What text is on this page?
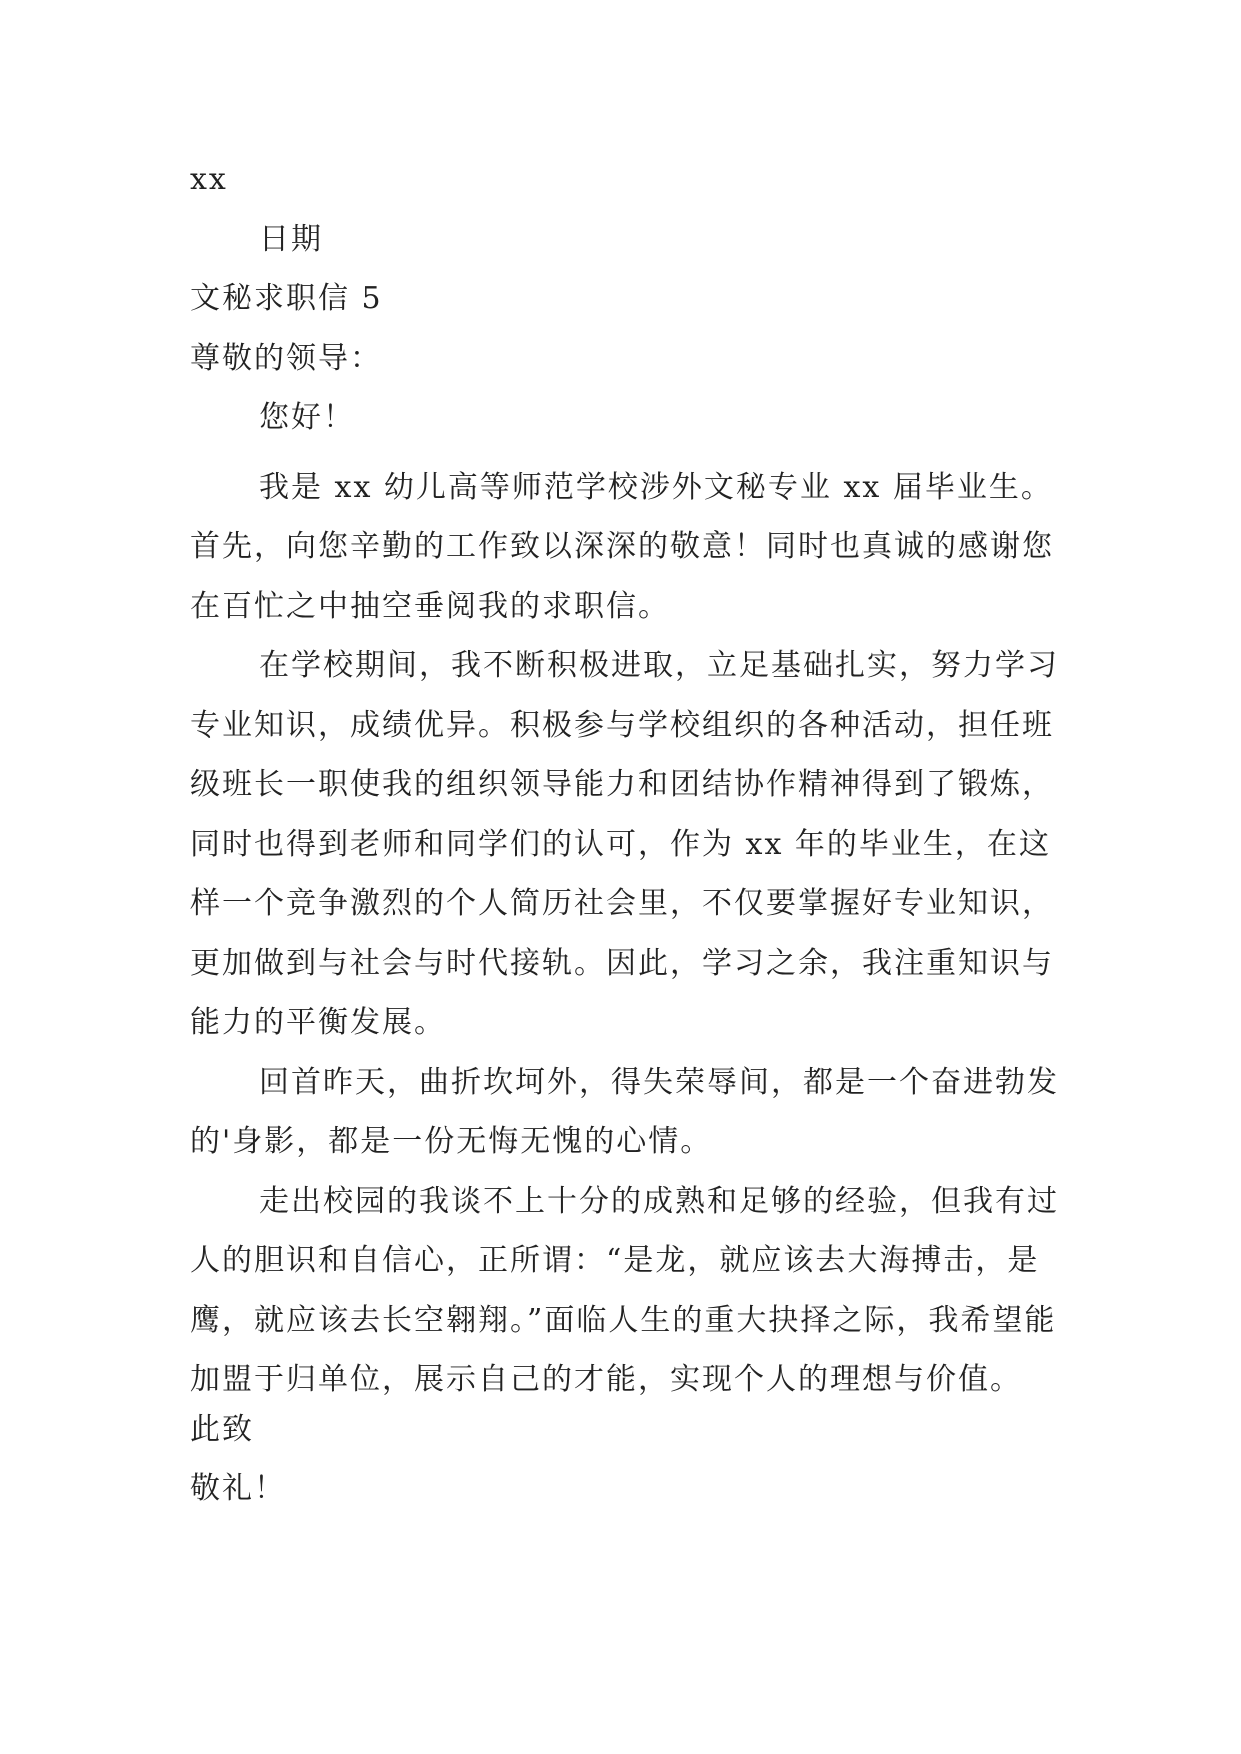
xx
日期
文秘求职信 5
尊敬的领导：
您好！

我是 xx 幼儿高等师范学校涉外文秘专业 xx 届毕业生。首先，向您辛勤的工作致以深深的敬意！同时也真诚的感谢您在百忙之中抽空垂阅我的求职信。

在学校期间，我不断积极进取，立足基础扎实，努力学习专业知识，成绩优异。积极参与学校组织的各种活动，担任班级班长一职使我的组织领导能力和团结协作精神得到了锻炼，同时也得到老师和同学们的认可，作为 xx 年的毕业生，在这样一个竞争激烈的个人简历社会里，不仅要掌握好专业知识，更加做到与社会与时代接轨。因此，学习之余，我注重知识与能力的平衡发展。

回首昨天，曲折坎坷外，得失荣辱间，都是一个奋进勃发的'身影，都是一份无悔无愧的心情。

走出校园的我谈不上十分的成熟和足够的经验，但我有过人的胆识和自信心，正所谓：“是龙，就应该去大海搏击，是鹰，就应该去长空翱翔。”面临人生的重大抉择之际，我希望能加盟于归单位，展示自己的才能，实现个人的理想与价值。

此致
敬礼！
